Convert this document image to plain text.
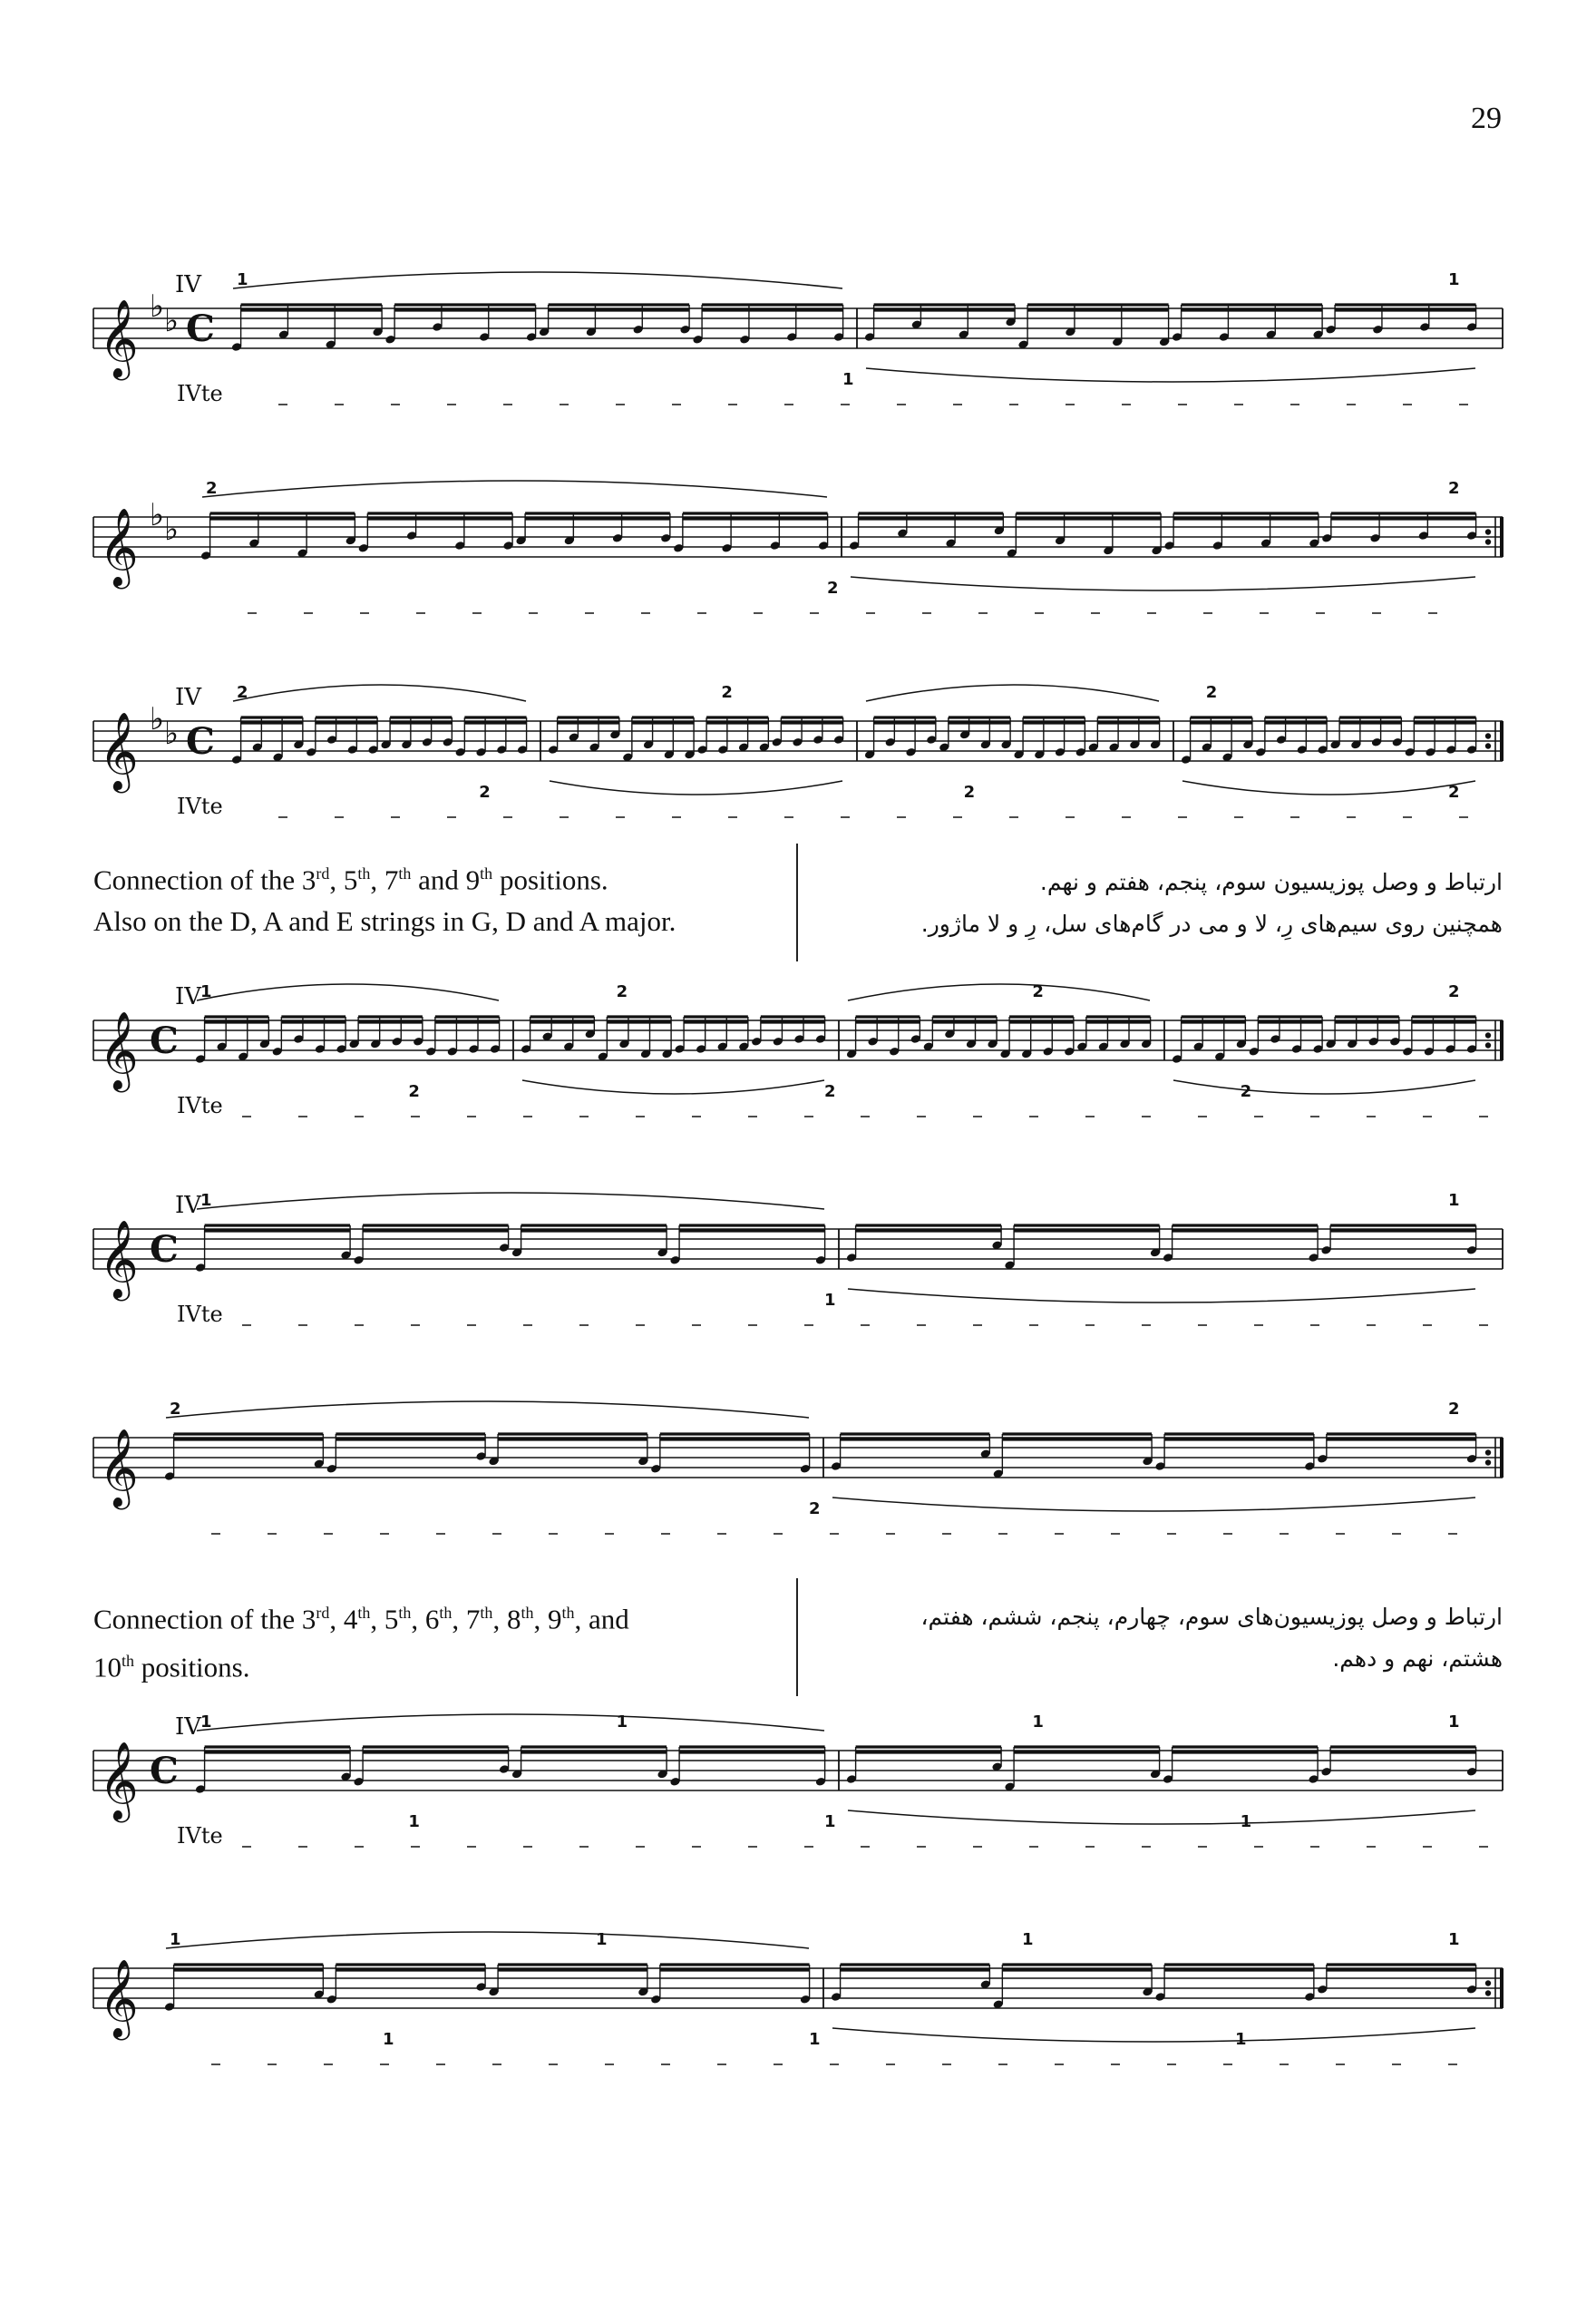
29
𝄞 ♭ ♭ C
IV
IVte
1
1
1
𝄞 ♭ ♭
2
2
2
𝄞 ♭ ♭ C
IV
IVte
2
2
2
2
2
2
Connection of the 3rd, 5th, 7th and 9th positions.
Also on the D, A and E strings in G, D and A major.
ارتباط و وصل پوزیسیون سوم، پنجم، هفتم و نهم.
همچنین روی سیم‌های رِ، لا و می در گام‌های سل، رِ و لا ماژور.
𝄞 C
IV
IVte
1
2
2
2
2
2
2
𝄞 C
IV
IVte
1
1
1
𝄞
2
2
2
Connection of the 3rd, 4th, 5th, 6th, 7th, 8th, 9th, and
10th positions.
ارتباط و وصل پوزیسیون‌های سوم، چهارم، پنجم، ششم، هفتم،
هشتم، نهم و دهم.
𝄞 C
IV
IVte
1
1
1
1
1
1
1
𝄞
1
1
1
1
1
1
1
